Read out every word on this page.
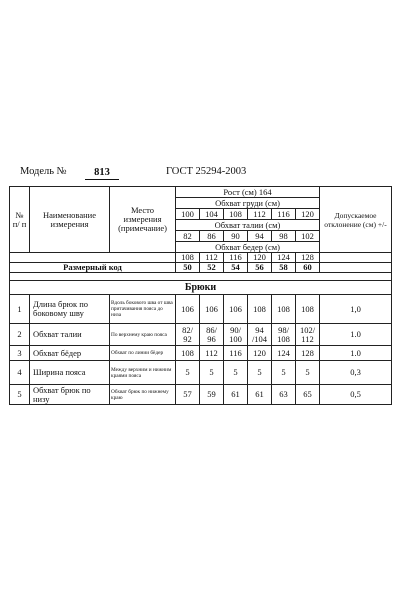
Модель №	813	ГОСТ 25294-2003
№ п/ п	Наименование измерения	Место измерения (примечание)	Рост (см) 164						Допускаемое отклонение (см) +/-
			Обхват груди (см)						
			100	104	108	112	116	120	
			Обхват талии (см)						
			82	86	90	94	98	102	
			Обхват бедер (см)						
			108	112	116	120	124	128	
Размерный код			50	52	54	56	58	60	

Брюки									
1	Длина брюк по боковому шву	Вдоль бокового шва от шва притачивания пояса до низа	106	106	106	108	108	108	1,0
2	Обхват талии	По верхнему краю пояса	82/ 92	86/ 96	90/ 100	94 /104	98/ 108	102/ 112	1.0
3	Обхват бёдер	Обхват по линии бёдер	108	112	116	120	124	128	1.0
4	Ширина пояса	Между верхним и нижним краями пояса	5	5	5	5	5	5	0,3
5	Обхват брюк по низу	Обхват брюк по нижнему краю	57	59	61	61	63	65	0,5
